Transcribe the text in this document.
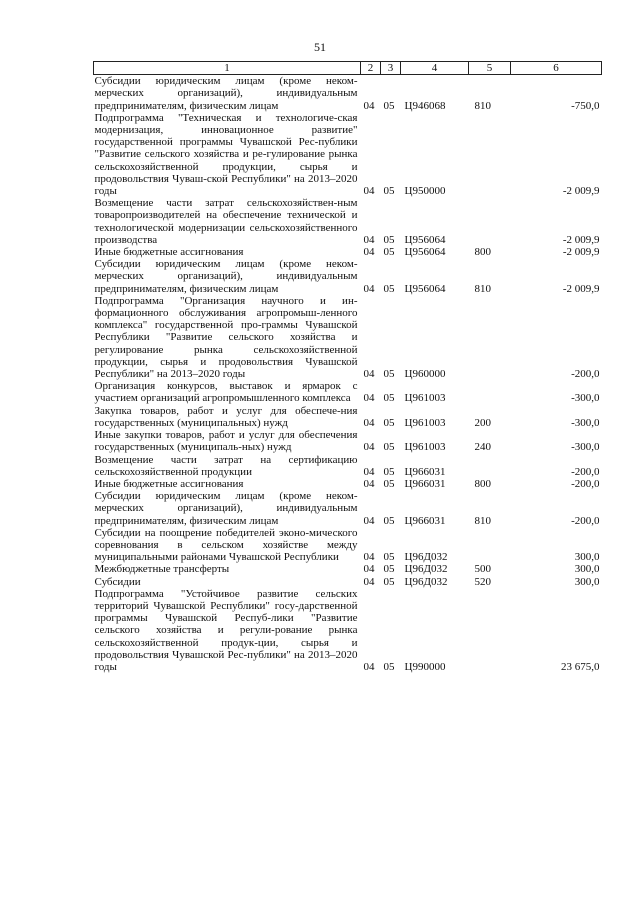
51
1	2	3	4	5	6
Субсидии юридическим лицам (кроме неком-мерческих организаций), индивидуальным предпринимателям, физическим лицам	04	05	Ц946068	810	-750,0
Подпрограмма "Техническая и технологиче-ская модернизация, инновационное развитие" государственной программы Чувашской Рес-публики "Развитие сельского хозяйства и ре-гулирование рынка сельскохозяйственной продукции, сырья и продовольствия Чуваш-ской Республики" на 2013–2020 годы	04	05	Ц950000		-2 009,9
Возмещение части затрат сельскохозяйствен-ным товаропроизводителей на обеспечение технической и технологической модернизации сельскохозяйственного производства	04	05	Ц956064		-2 009,9
Иные бюджетные ассигнования	04	05	Ц956064	800	-2 009,9
Субсидии юридическим лицам (кроме неком-мерческих организаций), индивидуальным предпринимателям, физическим лицам	04	05	Ц956064	810	-2 009,9
Подпрограмма "Организация научного и ин-формационного обслуживания агропромыш-ленного комплекса" государственной про-граммы Чувашской Республики "Развитие сельского хозяйства и регулирование рынка сельскохозяйственной продукции, сырья и продовольствия Чувашской Республики" на 2013–2020 годы	04	05	Ц960000		-200,0
Организация конкурсов, выставок и ярмарок с участием организаций агропромышленного комплекса	04	05	Ц961003		-300,0
Закупка товаров, работ и услуг для обеспече-ния государственных (муниципальных) нужд	04	05	Ц961003	200	-300,0
Иные закупки товаров, работ и услуг для обеспечения государственных (муниципаль-ных) нужд	04	05	Ц961003	240	-300,0
Возмещение части затрат на сертификацию сельскохозяйственной продукции	04	05	Ц966031		-200,0
Иные бюджетные ассигнования	04	05	Ц966031	800	-200,0
Субсидии юридическим лицам (кроме неком-мерческих организаций), индивидуальным предпринимателям, физическим лицам	04	05	Ц966031	810	-200,0
Субсидии на поощрение победителей эконо-мического соревнования в сельском хозяйстве между муниципальными районами Чувашской Республики	04	05	Ц96Д032		300,0
Межбюджетные трансферты	04	05	Ц96Д032	500	300,0
Субсидии	04	05	Ц96Д032	520	300,0
Подпрограмма "Устойчивое развитие сельских территорий Чувашской Республики" госу-дарственной программы Чувашской Респуб-лики "Развитие сельского хозяйства и регули-рование рынка сельскохозяйственной продук-ции, сырья и продовольствия Чувашской Рес-публики" на 2013–2020 годы	04	05	Ц990000		23 675,0
